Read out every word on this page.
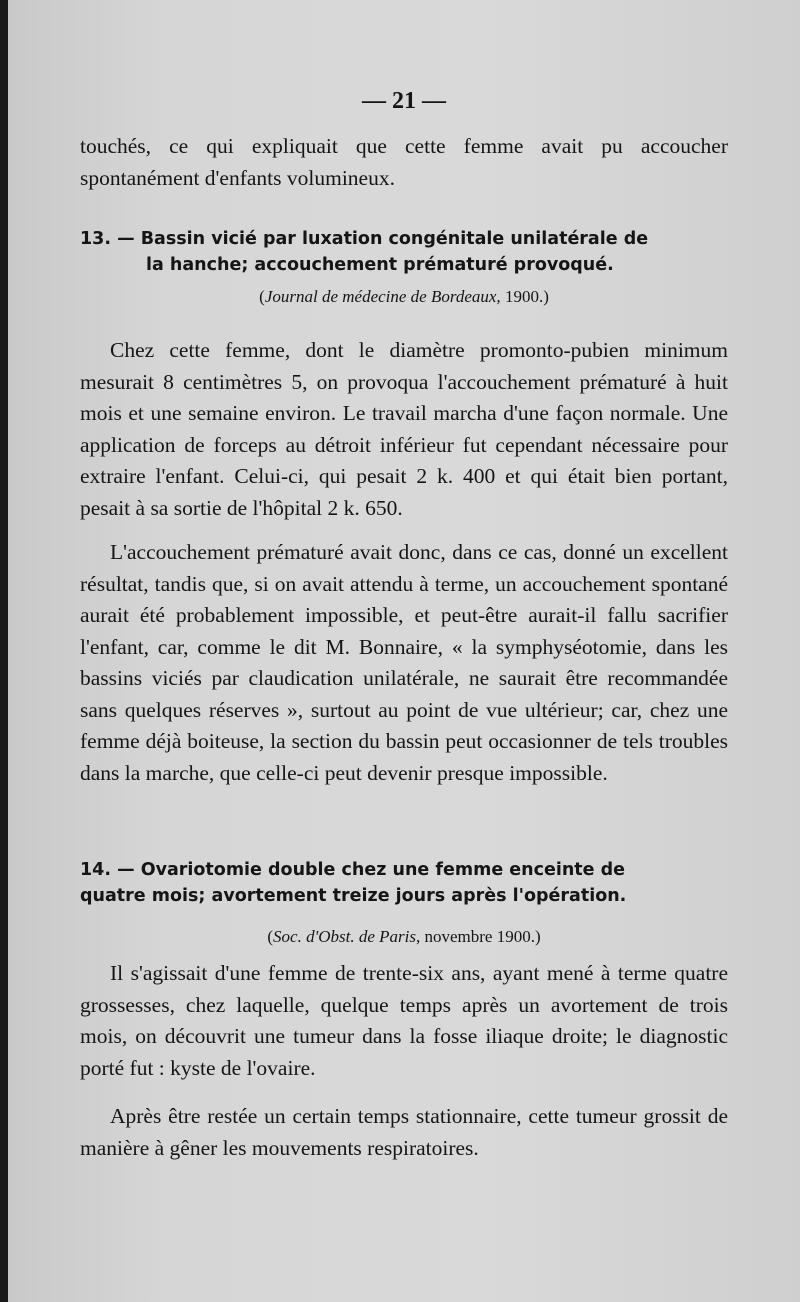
— 21 —

touchés, ce qui expliquait que cette femme avait pu accoucher spontanément d'enfants volumineux.

13. — Bassin vicié par luxation congénitale unilatérale de
la hanche; accouchement prématuré provoqué.

(Journal de médecine de Bordeaux, 1900.)

Chez cette femme, dont le diamètre promonto-pubien minimum mesurait 8 centimètres 5, on provoqua l'accouchement prématuré à huit mois et une semaine environ. Le travail marcha d'une façon normale. Une application de forceps au détroit inférieur fut cependant nécessaire pour extraire l'enfant. Celui-ci, qui pesait 2 k. 400 et qui était bien portant, pesait à sa sortie de l'hôpital 2 k. 650.

L'accouchement prématuré avait donc, dans ce cas, donné un excellent résultat, tandis que, si on avait attendu à terme, un accouchement spontané aurait été probablement impossible, et peut-être aurait-il fallu sacrifier l'enfant, car, comme le dit M. Bonnaire, « la symphyséotomie, dans les bassins viciés par claudication unilatérale, ne saurait être recommandée sans quelques réserves », surtout au point de vue ultérieur; car, chez une femme déjà boiteuse, la section du bassin peut occasionner de tels troubles dans la marche, que celle-ci peut devenir presque impossible.

14. — Ovariotomie double chez une femme enceinte de
quatre mois; avortement treize jours après l'opération.

(Soc. d'Obst. de Paris, novembre 1900.)

Il s'agissait d'une femme de trente-six ans, ayant mené à terme quatre grossesses, chez laquelle, quelque temps après un avortement de trois mois, on découvrit une tumeur dans la fosse iliaque droite; le diagnostic porté fut : kyste de l'ovaire.

Après être restée un certain temps stationnaire, cette tumeur grossit de manière à gêner les mouvements respiratoires.
